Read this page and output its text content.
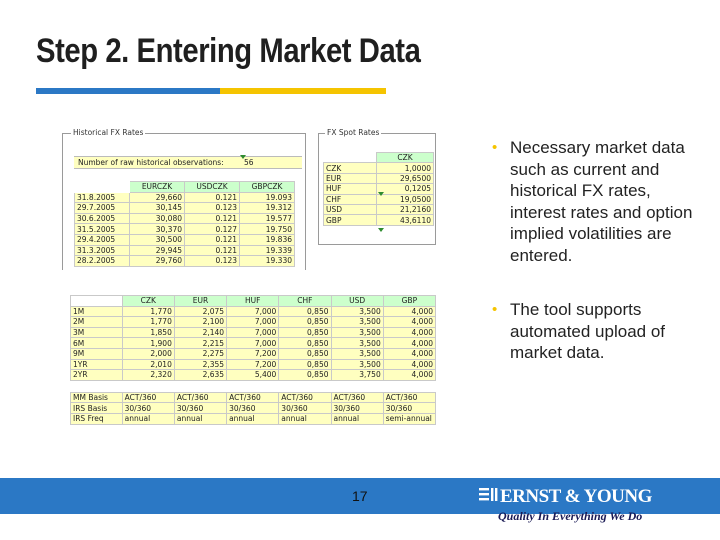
Step 2. Entering Market Data
Historical FX Rates
Number of raw historical observations:	56
	EURCZK	USDCZK	GBPCZK
31.8.2005	29,660	0.121	19.093
29.7.2005	30,145	0.123	19.312
30.6.2005	30,080	0.121	19.577
31.5.2005	30,370	0.127	19.750
29.4.2005	30,500	0.121	19.836
31.3.2005	29,945	0.121	19.339
28.2.2005	29,760	0.123	19.330
FX Spot Rates
	CZK
CZK	1,0000
EUR	29,6500
HUF	0,1205
CHF	19,0500
USD	21,2160
GBP	43,6110
	CZK	EUR	HUF	CHF	USD	GBP
1M	1,770	2,075	7,000	0,850	3,500	4,000
2M	1,770	2,100	7,000	0,850	3,500	4,000
3M	1,850	2,140	7,000	0,850	3,500	4,000
6M	1,900	2,215	7,000	0,850	3,500	4,000
9M	2,000	2,275	7,200	0,850	3,500	4,000
1YR	2,010	2,355	7,200	0,850	3,500	4,000
2YR	2,320	2,635	5,400	0,850	3,750	4,000

MM Basis	ACT/360	ACT/360	ACT/360	ACT/360	ACT/360	ACT/360
IRS Basis	30/360	30/360	30/360	30/360	30/360	30/360
IRS Freq	annual	annual	annual	annual	annual	semi-annual
• Necessary market data such as current and historical FX rates, interest rates and option implied volatilities are entered.
• The tool supports automated upload of market data.
17	ERNST & YOUNG
Quality In Everything We Do
